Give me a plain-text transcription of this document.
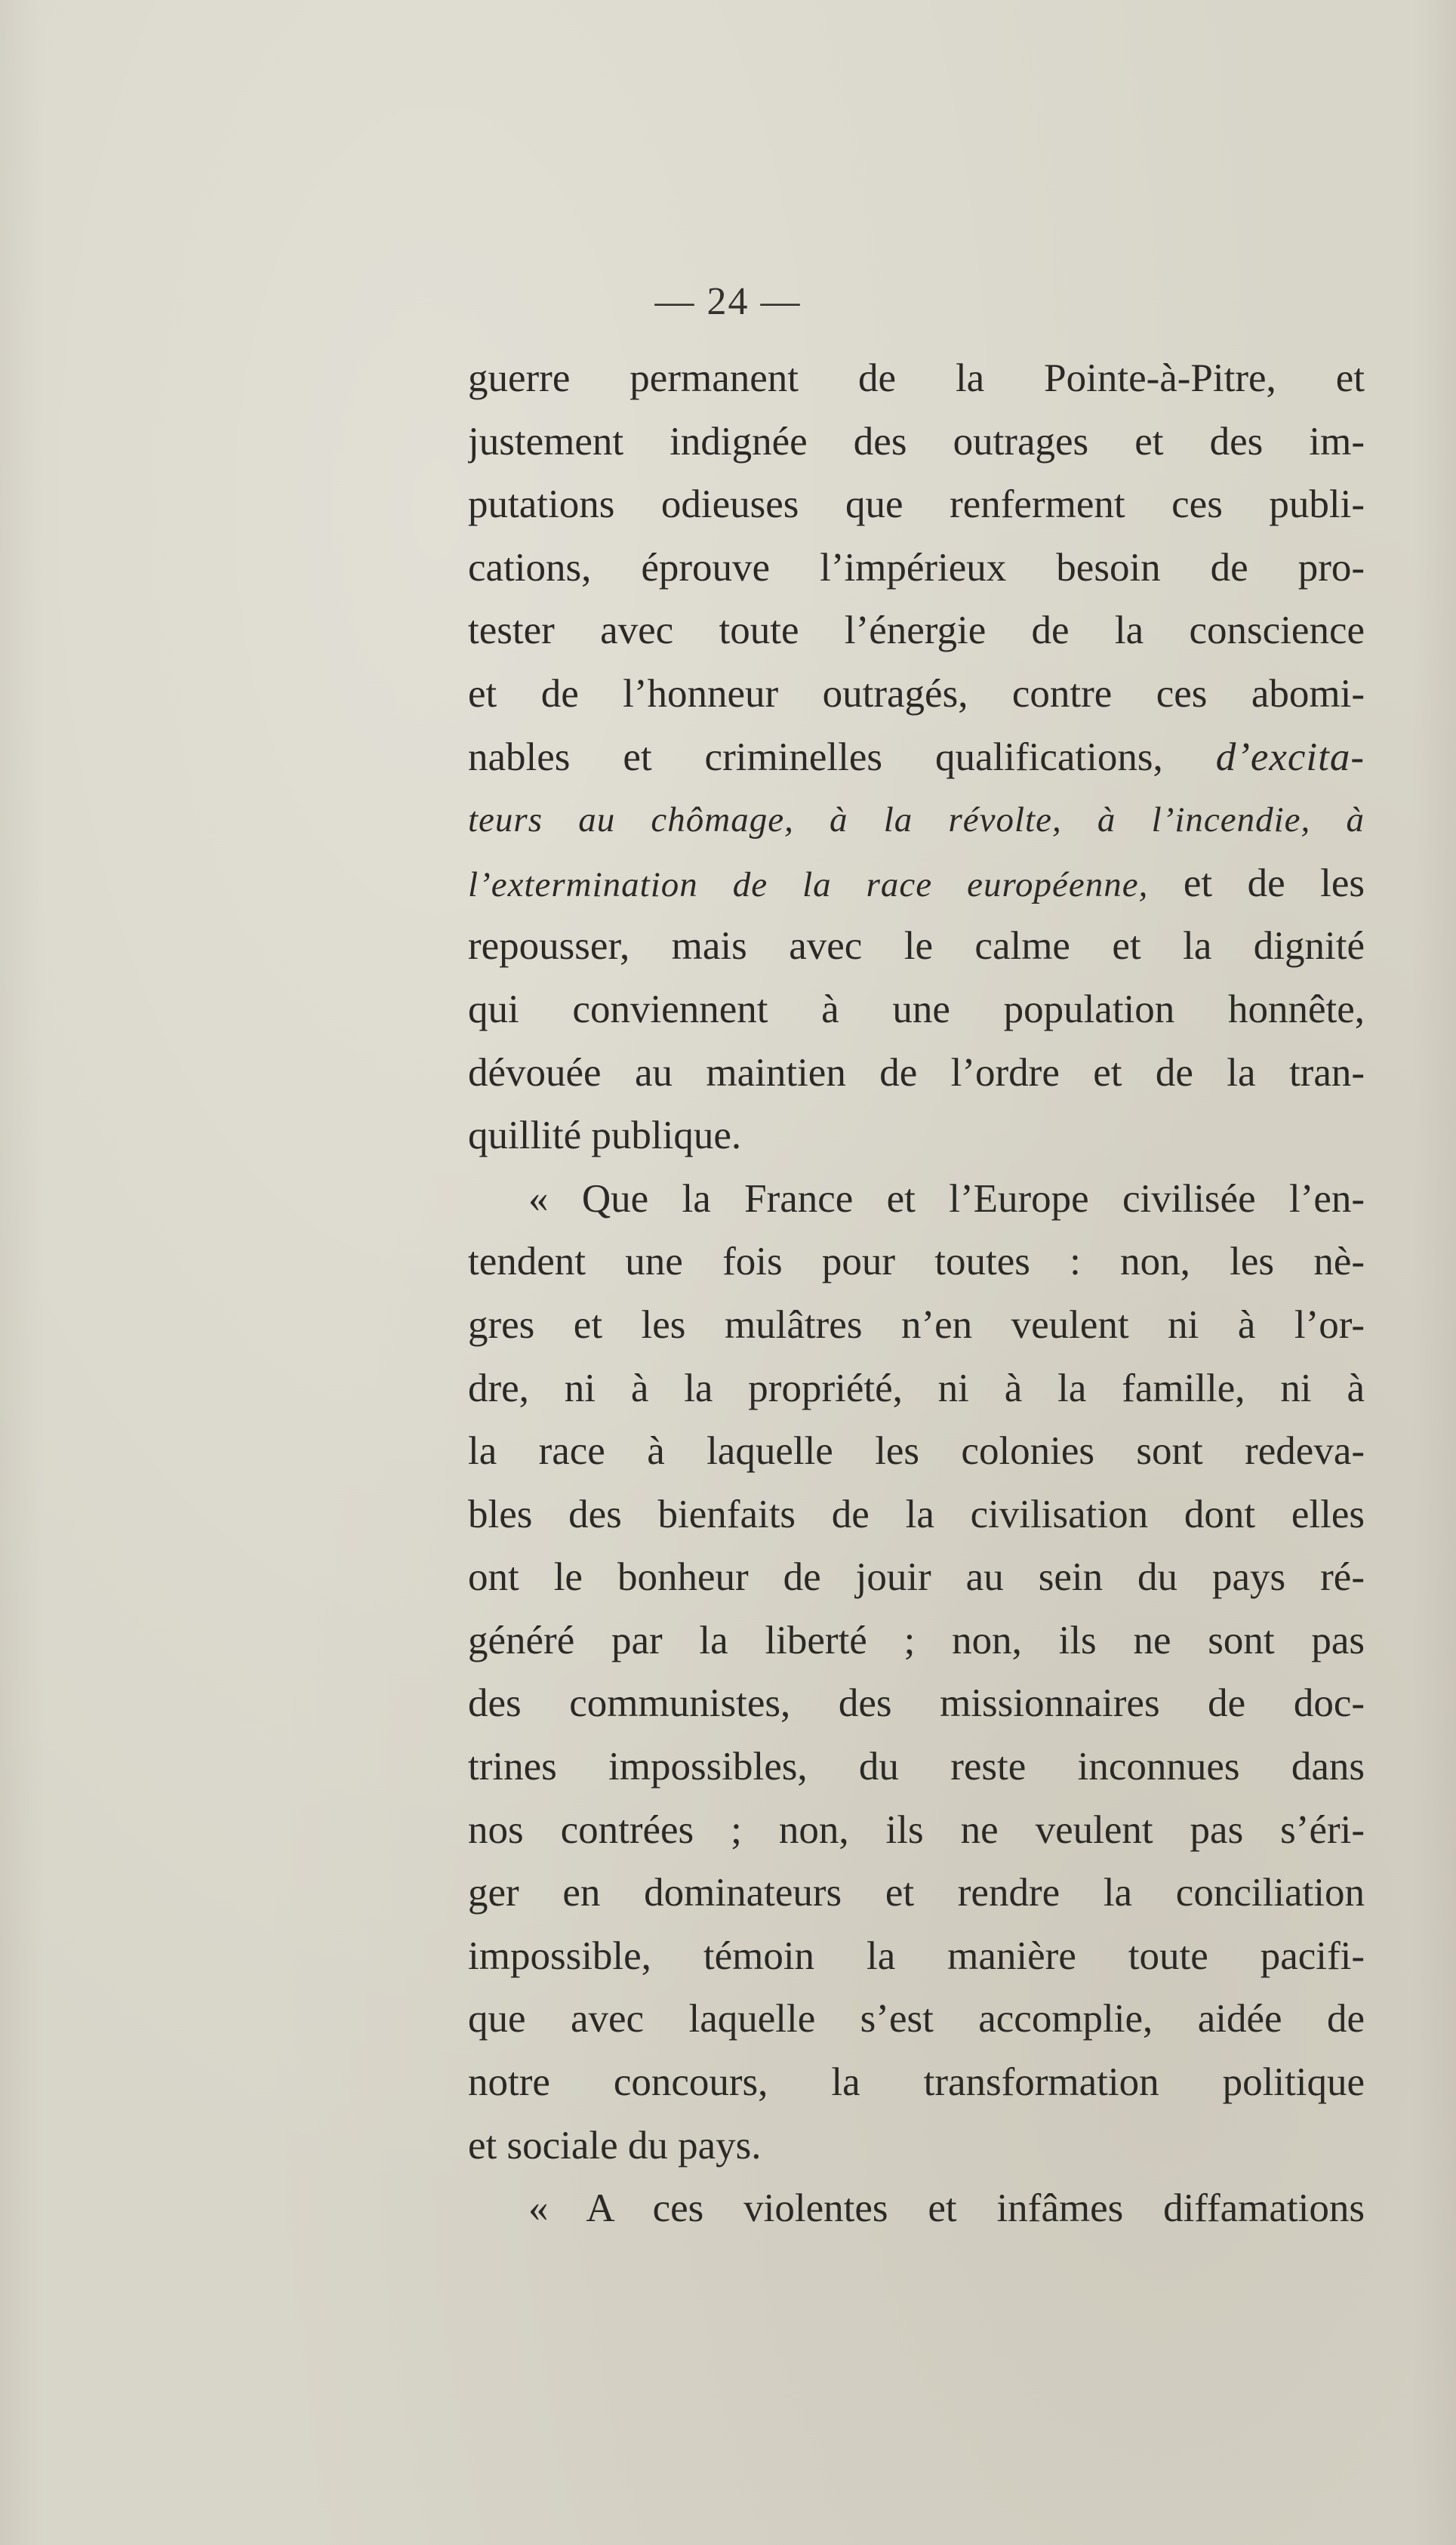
— 24 —
guerre permanent de la Pointe-à-Pitre, et
justement indignée des outrages et des im-
putations odieuses que renferment ces publi-
cations, éprouve l’impérieux besoin de pro-
tester avec toute l’énergie de la conscience
et de l’honneur outragés, contre ces abomi-
nables et criminelles qualifications, d’excita-
teurs au chômage, à la révolte, à l’incendie, à
l’extermination de la race européenne, et de les
repousser, mais avec le calme et la dignité
qui conviennent à une population honnête,
dévouée au maintien de l’ordre et de la tran-
quillité publique.
« Que la France et l’Europe civilisée l’en-
tendent une fois pour toutes : non, les nè-
gres et les mulâtres n’en veulent ni à l’or-
dre, ni à la propriété, ni à la famille, ni à
la race à laquelle les colonies sont redeva-
bles des bienfaits de la civilisation dont elles
ont le bonheur de jouir au sein du pays ré-
généré par la liberté ; non, ils ne sont pas
des communistes, des missionnaires de doc-
trines impossibles, du reste inconnues dans
nos contrées ; non, ils ne veulent pas s’éri-
ger en dominateurs et rendre la conciliation
impossible, témoin la manière toute pacifi-
que avec laquelle s’est accomplie, aidée de
notre concours, la transformation politique
et sociale du pays.
« A ces violentes et infâmes diffamations
